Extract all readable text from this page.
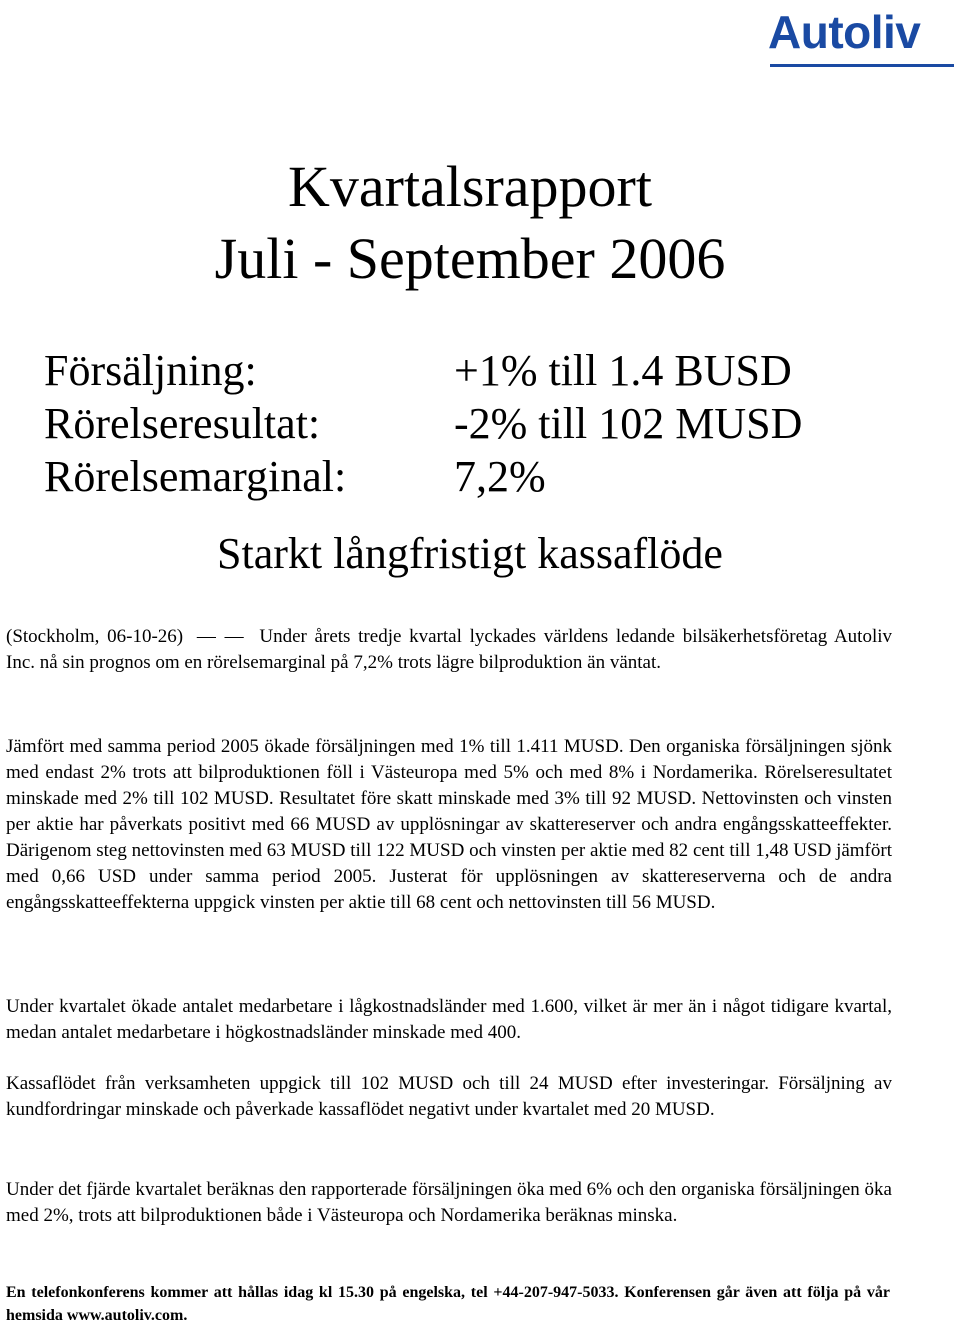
Autoliv
Kvartalsrapport
Juli - September 2006
Försäljning:	+1% till 1.4 BUSD
Rörelseresultat:	-2% till 102 MUSD
Rörelsemarginal: 7,2%
Starkt långfristigt kassaflöde
(Stockholm, 06-10-26) — — Under årets tredje kvartal lyckades världens ledande bilsäkerhetsföretag Autoliv Inc. nå sin prognos om en rörelsemarginal på 7,2% trots lägre bilproduktion än väntat.
Jämfört med samma period 2005 ökade försäljningen med 1% till 1.411 MUSD. Den organiska försäljningen sjönk med endast 2% trots att bilproduktionen föll i Västeuropa med 5% och med 8% i Nordamerika. Rörelseresultatet minskade med 2% till 102 MUSD. Resultatet före skatt minskade med 3% till 92 MUSD. Nettovinsten och vinsten per aktie har påverkats positivt med 66 MUSD av upplösningar av skattereserver och andra engångsskatteeffekter. Därigenom steg nettovinsten med 63 MUSD till 122 MUSD och vinsten per aktie med 82 cent till 1,48 USD jämfört med 0,66 USD under samma period 2005. Justerat för upplösningen av skattereserverna och de andra engångsskatteeffekterna uppgick vinsten per aktie till 68 cent och nettovinsten till 56 MUSD.
Under kvartalet ökade antalet medarbetare i lågkostnadsländer med 1.600, vilket är mer än i något tidigare kvartal, medan antalet medarbetare i högkostnadsländer minskade med 400.
Kassaflödet från verksamheten uppgick till 102 MUSD och till 24 MUSD efter investeringar. Försäljning av kundfordringar minskade och påverkade kassaflödet negativt under kvartalet med 20 MUSD.
Under det fjärde kvartalet beräknas den rapporterade försäljningen öka med 6% och den organiska försäljningen öka med 2%, trots att bilproduktionen både i Västeuropa och Nordamerika beräknas minska.
En telefonkonferens kommer att hållas idag kl 15.30 på engelska, tel +44-207-947-5033. Konferensen går även att följa på vår hemsida www.autoliv.com.
